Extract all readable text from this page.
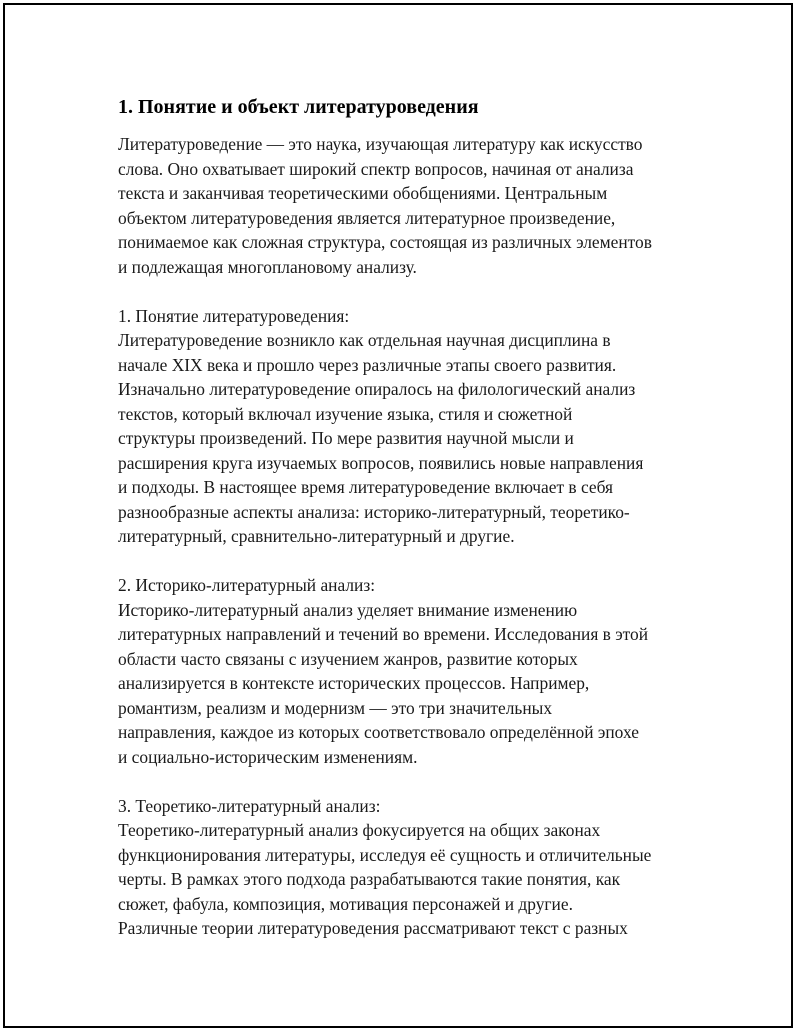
1. Понятие и объект литературоведения

Литературоведение — это наука, изучающая литературу как искусство
слова. Оно охватывает широкий спектр вопросов, начиная от анализа
текста и заканчивая теоретическими обобщениями. Центральным
объектом литературоведения является литературное произведение,
понимаемое как сложная структура, состоящая из различных элементов
и подлежащая многоплановому анализу.

1. Понятие литературоведения:
Литературоведение возникло как отдельная научная дисциплина в
начале XIX века и прошло через различные этапы своего развития.
Изначально литературоведение опиралось на филологический анализ
текстов, который включал изучение языка, стиля и сюжетной
структуры произведений. По мере развития научной мысли и
расширения круга изучаемых вопросов, появились новые направления
и подходы. В настоящее время литературоведение включает в себя
разнообразные аспекты анализа: историко-литературный, теоретико-
литературный, сравнительно-литературный и другие.

2. Историко-литературный анализ:
Историко-литературный анализ уделяет внимание изменению
литературных направлений и течений во времени. Исследования в этой
области часто связаны с изучением жанров, развитие которых
анализируется в контексте исторических процессов. Например,
романтизм, реализм и модернизм — это три значительных
направления, каждое из которых соответствовало определённой эпохе
и социально-историческим изменениям.

3. Теоретико-литературный анализ:
Теоретико-литературный анализ фокусируется на общих законах
функционирования литературы, исследуя её сущность и отличительные
черты. В рамках этого подхода разрабатываются такие понятия, как
сюжет, фабула, композиция, мотивация персонажей и другие.
Различные теории литературоведения рассматривают текст с разных
